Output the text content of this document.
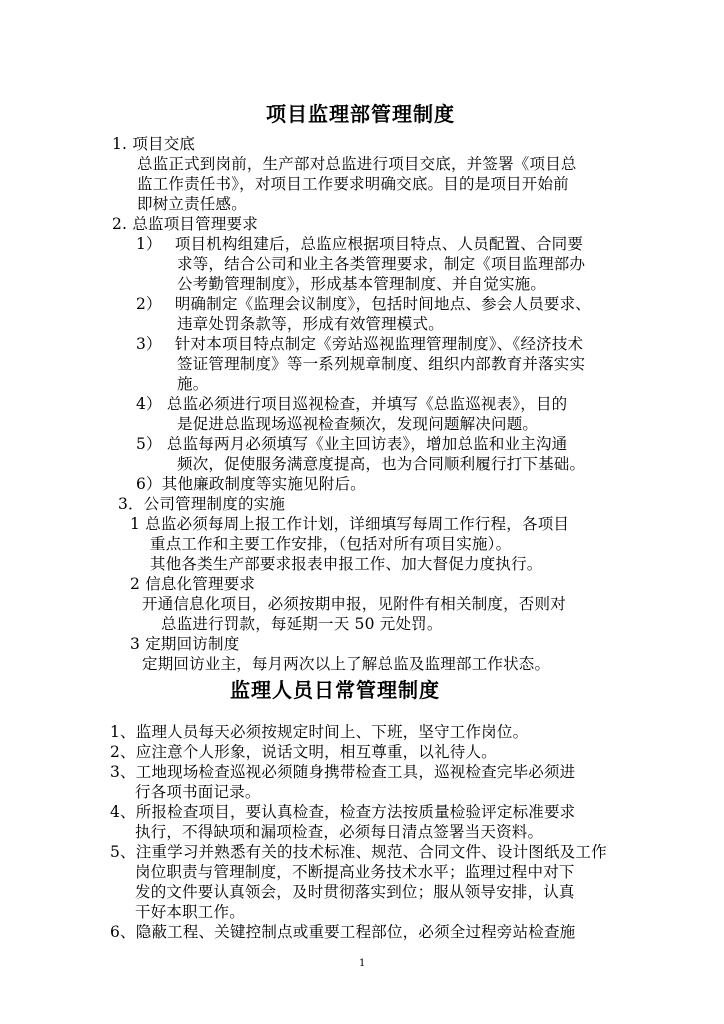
项目监理部管理制度
1. 项目交底
总监正式到岗前，生产部对总监进行项目交底，并签署《项目总
监工作责任书》，对项目工作要求明确交底。目的是项目开始前
即树立责任感。
2. 总监项目管理要求
1）　 项目机构组建后，总监应根据项目特点、人员配置、合同要
求等，结合公司和业主各类管理要求，制定《项目监理部办
公考勤管理制度》，形成基本管理制度、并自觉实施。
2）　 明确制定《监理会议制度》，包括时间地点、参会人员要求、
违章处罚条款等，形成有效管理模式。
3）　 针对本项目特点制定《旁站巡视监理管理制度》、《经济技术
签证管理制度》等一系列规章制度、组织内部教育并落实实
施。
4） 总监必须进行项目巡视检查，并填写《总监巡视表》，目的
是促进总监现场巡视检查频次，发现问题解决问题。
5） 总监每两月必须填写《业主回访表》，增加总监和业主沟通
频次，促使服务满意度提高，也为合同顺利履行打下基础。
6）其他廉政制度等实施见附后。
3．公司管理制度的实施
1 总监必须每周上报工作计划，详细填写每周工作行程，各项目
重点工作和主要工作安排，（包括对所有项目实施）。
其他各类生产部要求报表申报工作、加大督促力度执行。
2 信息化管理要求
开通信息化项目，必须按期申报，见附件有相关制度，否则对
总监进行罚款，每延期一天 50 元处罚。
3 定期回访制度
定期回访业主，每月两次以上了解总监及监理部工作状态。
监理人员日常管理制度
1、监理人员每天必须按规定时间上、下班，坚守工作岗位。
2、应注意个人形象，说话文明，相互尊重，以礼待人。
3、工地现场检查巡视必须随身携带检查工具，巡视检查完毕必须进
行各项书面记录。
4、所报检查项目，要认真检查，检查方法按质量检验评定标准要求
执行，不得缺项和漏项检查，必须每日清点签署当天资料。
5、注重学习并熟悉有关的技术标准、规范、合同文件、设计图纸及工作
岗位职责与管理制度，不断提高业务技术水平；监理过程中对下
发的文件要认真领会，及时贯彻落实到位；服从领导安排，认真
干好本职工作。
6、隐蔽工程、关键控制点或重要工程部位，必须全过程旁站检查施
1
